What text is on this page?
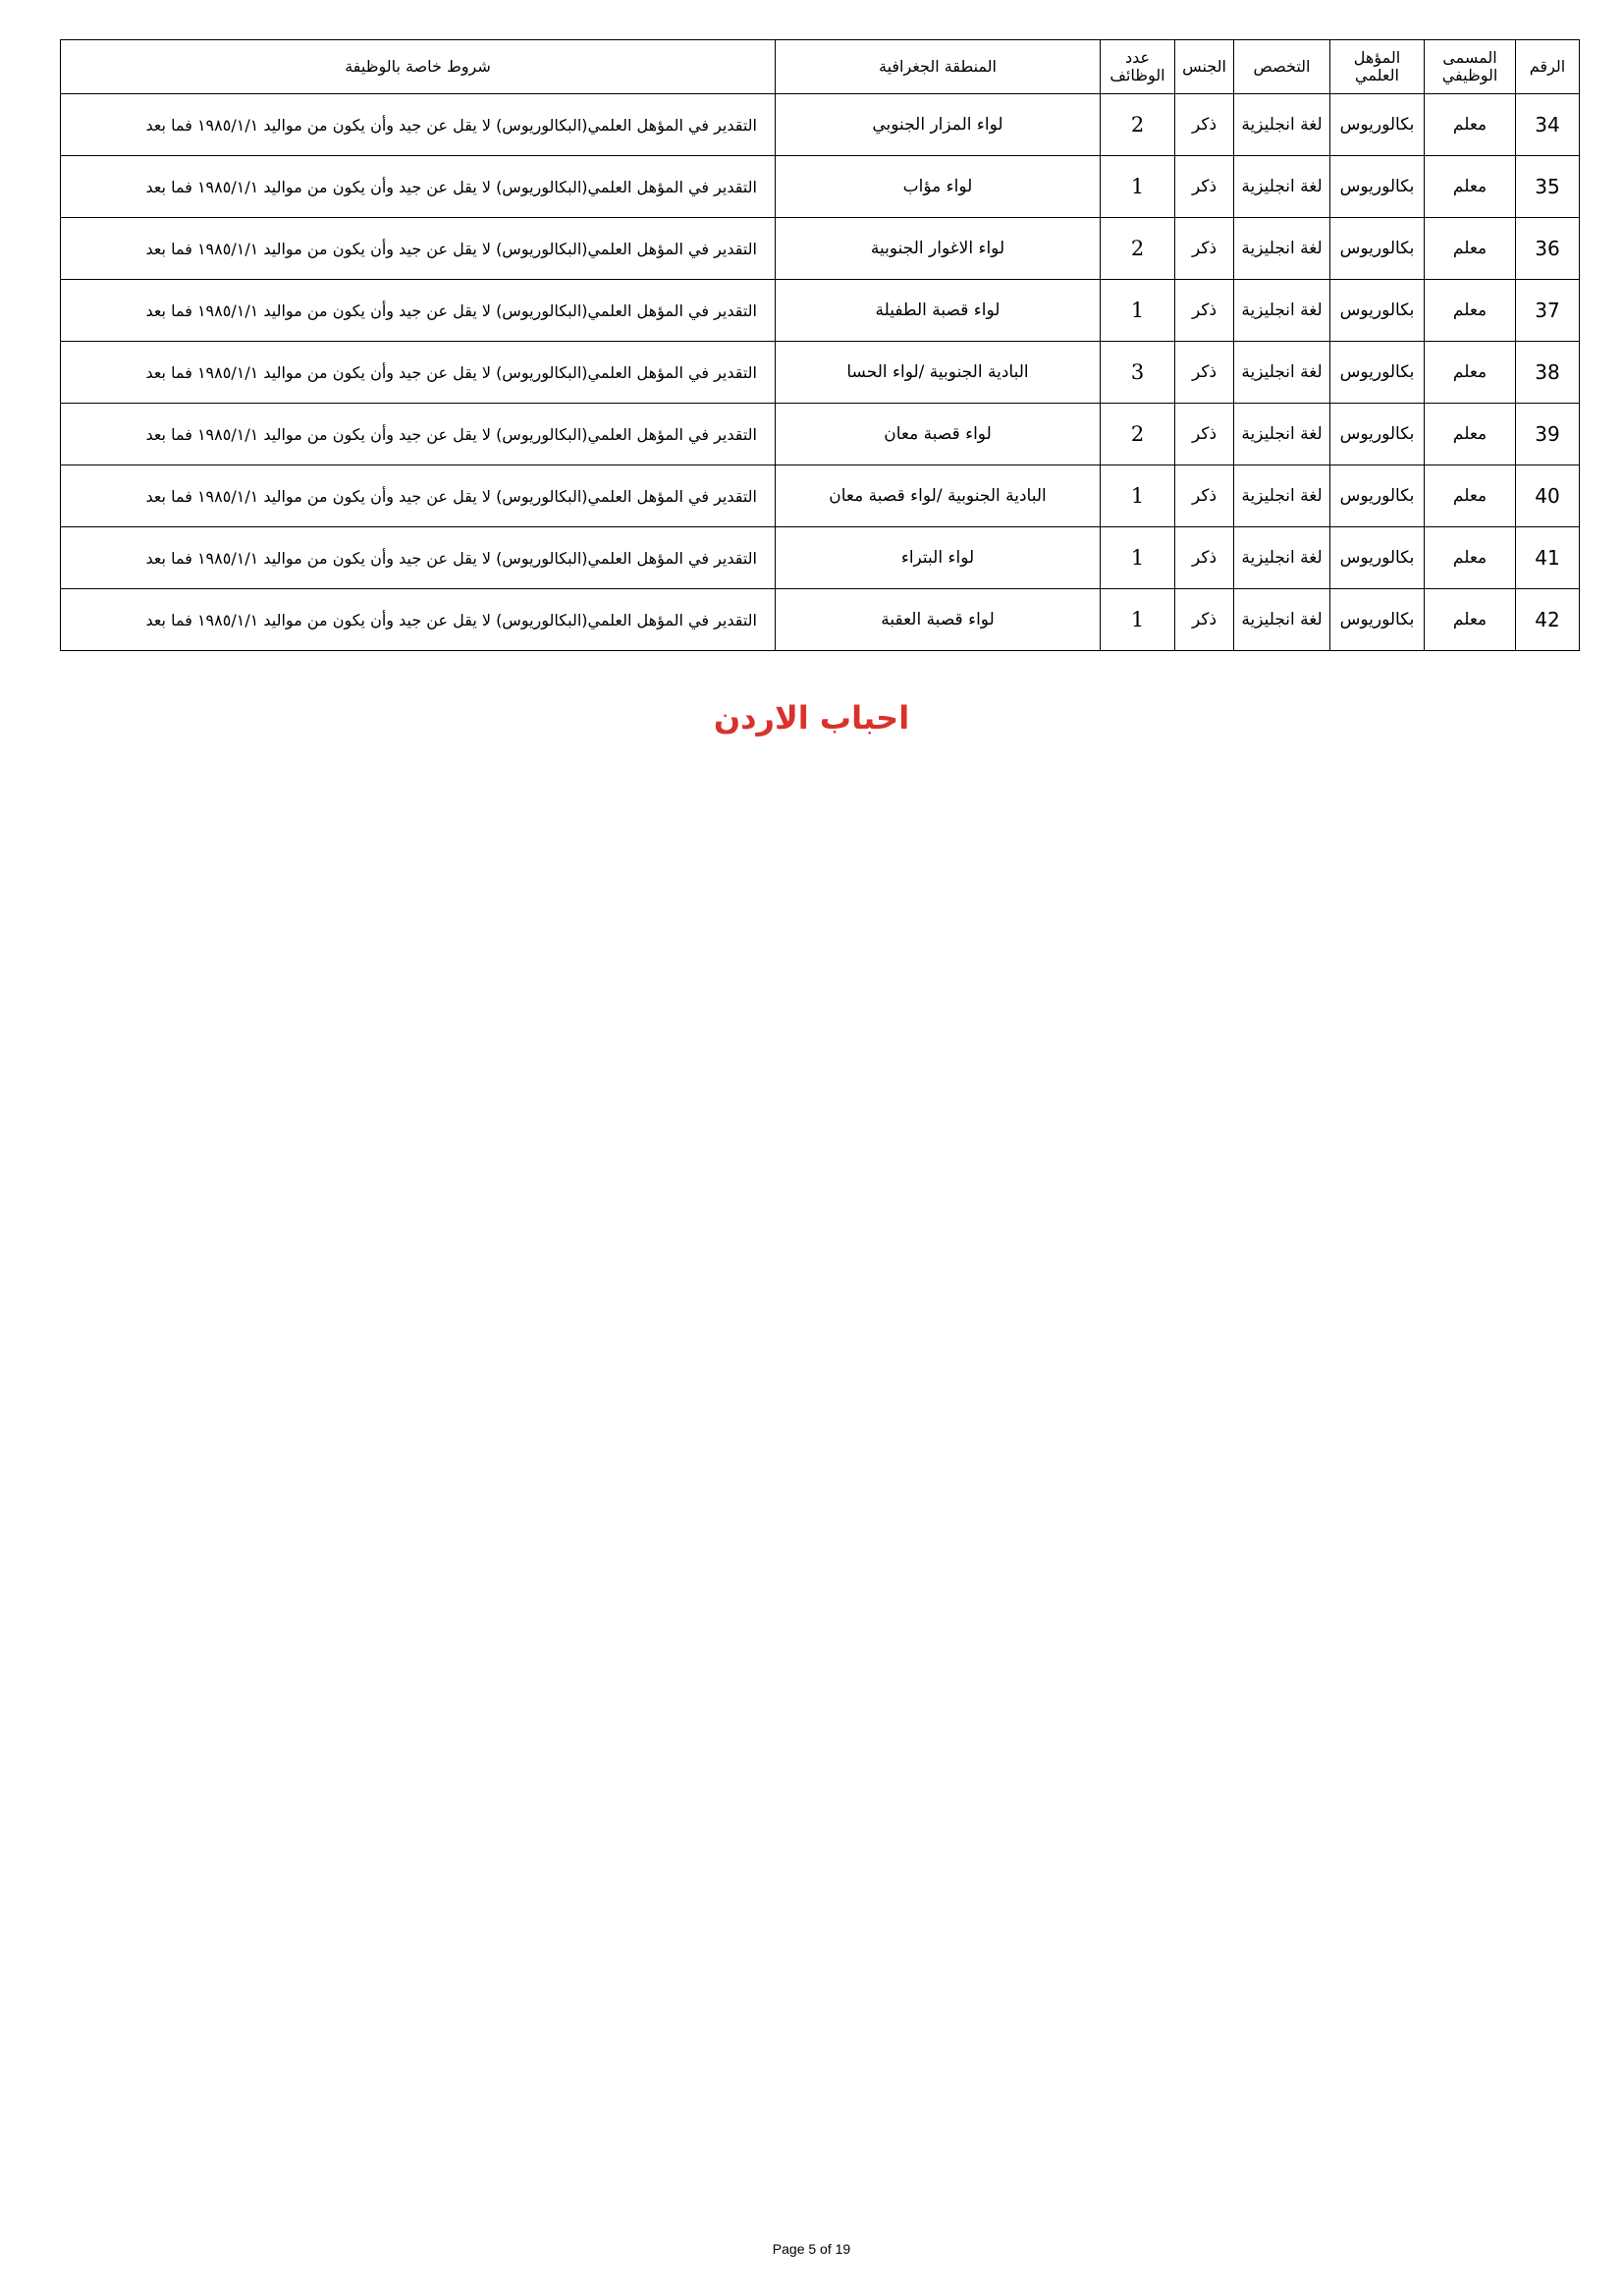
الرقم	المسمى الوظيفي	المؤهل العلمي	التخصص	الجنس	عدد الوظائف	المنطقة الجغرافية	شروط خاصة بالوظيفة
34	معلم	بكالوريوس	لغة انجليزية	ذكر	2	لواء المزار الجنوبي	التقدير في المؤهل العلمي(البكالوريوس) لا يقل عن جيد وأن يكون من مواليد ١٩٨٥/١/١ فما بعد
35	معلم	بكالوريوس	لغة انجليزية	ذكر	1	لواء مؤاب	التقدير في المؤهل العلمي(البكالوريوس) لا يقل عن جيد وأن يكون من مواليد ١٩٨٥/١/١ فما بعد
36	معلم	بكالوريوس	لغة انجليزية	ذكر	2	لواء الاغوار الجنوبية	التقدير في المؤهل العلمي(البكالوريوس) لا يقل عن جيد وأن يكون من مواليد ١٩٨٥/١/١ فما بعد
37	معلم	بكالوريوس	لغة انجليزية	ذكر	1	لواء قصبة الطفيلة	التقدير في المؤهل العلمي(البكالوريوس) لا يقل عن جيد وأن يكون من مواليد ١٩٨٥/١/١ فما بعد
38	معلم	بكالوريوس	لغة انجليزية	ذكر	3	البادية الجنوبية /لواء الحسا	التقدير في المؤهل العلمي(البكالوريوس) لا يقل عن جيد وأن يكون من مواليد ١٩٨٥/١/١ فما بعد
39	معلم	بكالوريوس	لغة انجليزية	ذكر	2	لواء قصبة معان	التقدير في المؤهل العلمي(البكالوريوس) لا يقل عن جيد وأن يكون من مواليد ١٩٨٥/١/١ فما بعد
40	معلم	بكالوريوس	لغة انجليزية	ذكر	1	البادية الجنوبية /لواء قصبة معان	التقدير في المؤهل العلمي(البكالوريوس) لا يقل عن جيد وأن يكون من مواليد ١٩٨٥/١/١ فما بعد
41	معلم	بكالوريوس	لغة انجليزية	ذكر	1	لواء البتراء	التقدير في المؤهل العلمي(البكالوريوس) لا يقل عن جيد وأن يكون من مواليد ١٩٨٥/١/١ فما بعد
42	معلم	بكالوريوس	لغة انجليزية	ذكر	1	لواء قصبة العقبة	التقدير في المؤهل العلمي(البكالوريوس) لا يقل عن جيد وأن يكون من مواليد ١٩٨٥/١/١ فما بعد
احباب الاردن
Page 5 of 19
